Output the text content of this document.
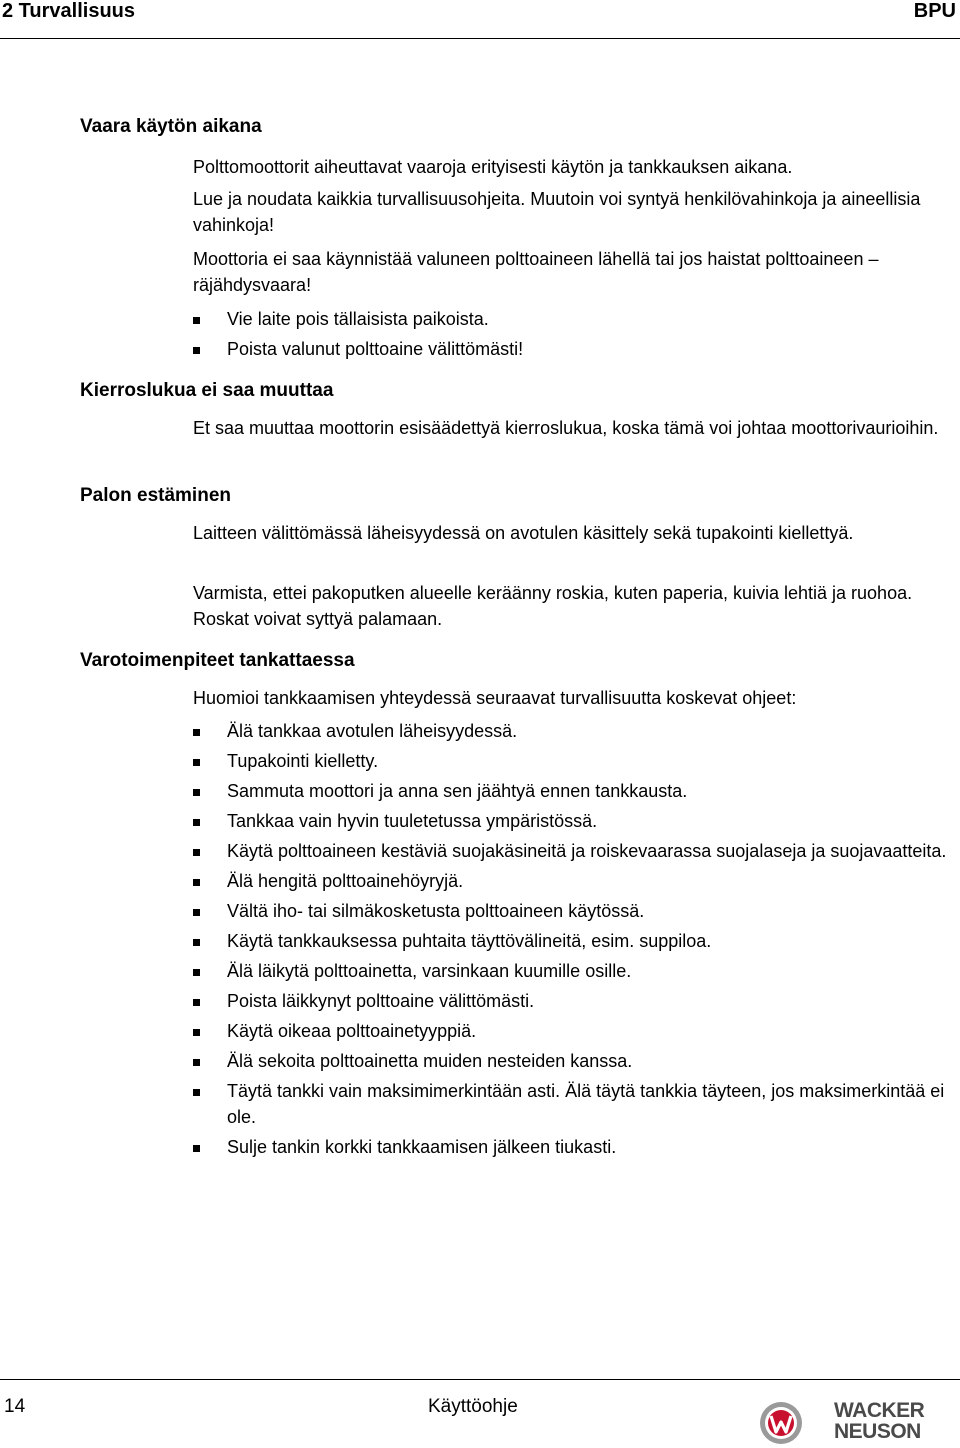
2 Turvallisuus	BPU
Vaara käytön aikana

Polttomoottorit aiheuttavat vaaroja erityisesti käytön ja tankkauksen aikana.

Lue ja noudata kaikkia turvallisuusohjeita. Muutoin voi syntyä henkilövahinkoja ja aineellisia vahinkoja!

Moottoria ei saa käynnistää valuneen polttoaineen lähellä tai jos haistat polttoaineen – räjähdysvaara!

Vie laite pois tällaisista paikoista.
Poista valunut polttoaine välittömästi!
Kierroslukua ei saa muuttaa

Et saa muuttaa moottorin esisäädettyä kierroslukua, koska tämä voi johtaa moottorivaurioihin.

Palon estäminen

Laitteen välittömässä läheisyydessä on avotulen käsittely sekä tupakointi kiellettyä.

Varmista, ettei pakoputken alueelle keräänny roskia, kuten paperia, kuivia lehtiä ja ruohoa. Roskat voivat syttyä palamaan.

Varotoimenpiteet tankattaessa

Huomioi tankkaamisen yhteydessä seuraavat turvallisuutta koskevat ohjeet:

Älä tankkaa avotulen läheisyydessä.
Tupakointi kielletty.
Sammuta moottori ja anna sen jäähtyä ennen tankkausta.
Tankkaa vain hyvin tuuletetussa ympäristössä.
Käytä polttoaineen kestäviä suojakäsineitä ja roiskevaarassa suojalaseja ja suojavaatteita.
Älä hengitä polttoainehöyryjä.
Vältä iho- tai silmäkosketusta polttoaineen käytössä.
Käytä tankkauksessa puhtaita täyttövälineitä, esim. suppiloa.
Älä läikytä polttoainetta, varsinkaan kuumille osille.
Poista läikkynyt polttoaine välittömästi.
Käytä oikeaa polttoainetyyppiä.
Älä sekoita polttoainetta muiden nesteiden kanssa.
Täytä tankki vain maksimimerkintään asti. Älä täytä tankkia täyteen, jos maksimerkintää ei ole.
Sulje tankin korkki tankkaamisen jälkeen tiukasti.
14	Käyttöohje	WACKER
NEUSON
